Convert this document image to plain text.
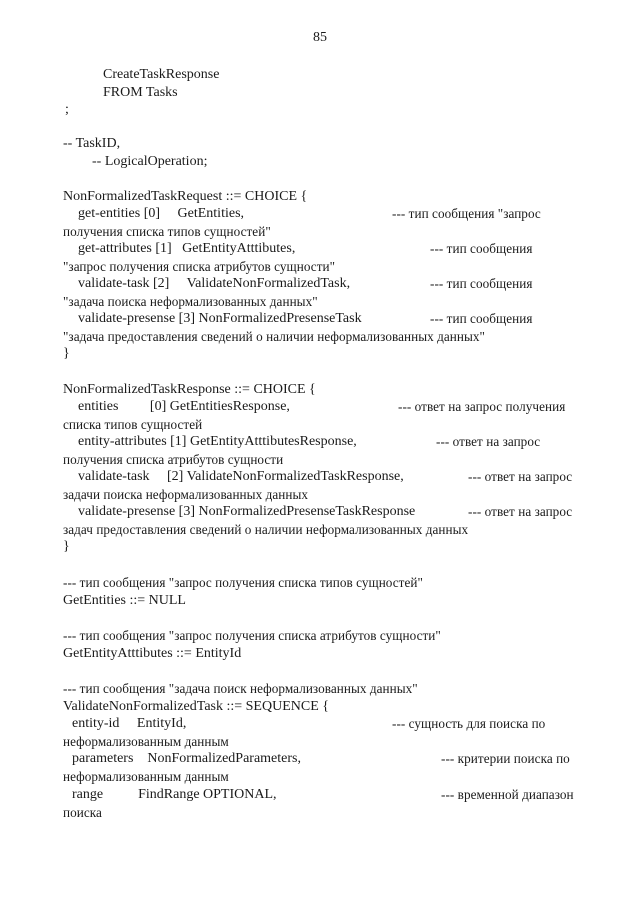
85
CreateTaskResponse
FROM Tasks
;
-- TaskID,
-- LogicalOperation;
NonFormalizedTaskRequest ::= CHOICE {
get-entities [0]     GetEntities,	--- тип сообщения "запрос
получения списка типов сущностей"
get-attributes [1]   GetEntityAtttibutes,	--- тип сообщения
"запрос получения списка атрибутов сущности"
validate-task [2]     ValidateNonFormalizedTask,	--- тип сообщения
"задача поиска неформализованных данных"
validate-presense [3] NonFormalizedPresenseTask	--- тип сообщения
"задача предоставления сведений о наличии неформализованных данных"
}
NonFormalizedTaskResponse ::= CHOICE {
entities         [0] GetEntitiesResponse,	--- ответ на запрос получения
списка типов сущностей
entity-attributes [1] GetEntityAtttibutesResponse,	--- ответ на запрос
получения списка атрибутов сущности
validate-task     [2] ValidateNonFormalizedTaskResponse,	--- ответ на запрос
задачи поиска неформализованных данных
validate-presense [3] NonFormalizedPresenseTaskResponse	--- ответ на запрос
задач предоставления сведений о наличии неформализованных данных
}
--- тип сообщения "запрос получения списка типов сущностей"
GetEntities ::= NULL
--- тип сообщения "запрос получения списка атрибутов сущности"
GetEntityAtttibutes ::= EntityId
--- тип сообщения "задача поиск неформализованных данных"
ValidateNonFormalizedTask ::= SEQUENCE {
entity-id     EntityId,	--- сущность для поиска по
неформализованным данным
parameters    NonFormalizedParameters,	--- критерии поиска по
неформализованным данным
range          FindRange OPTIONAL,	--- временной диапазон
поиска
